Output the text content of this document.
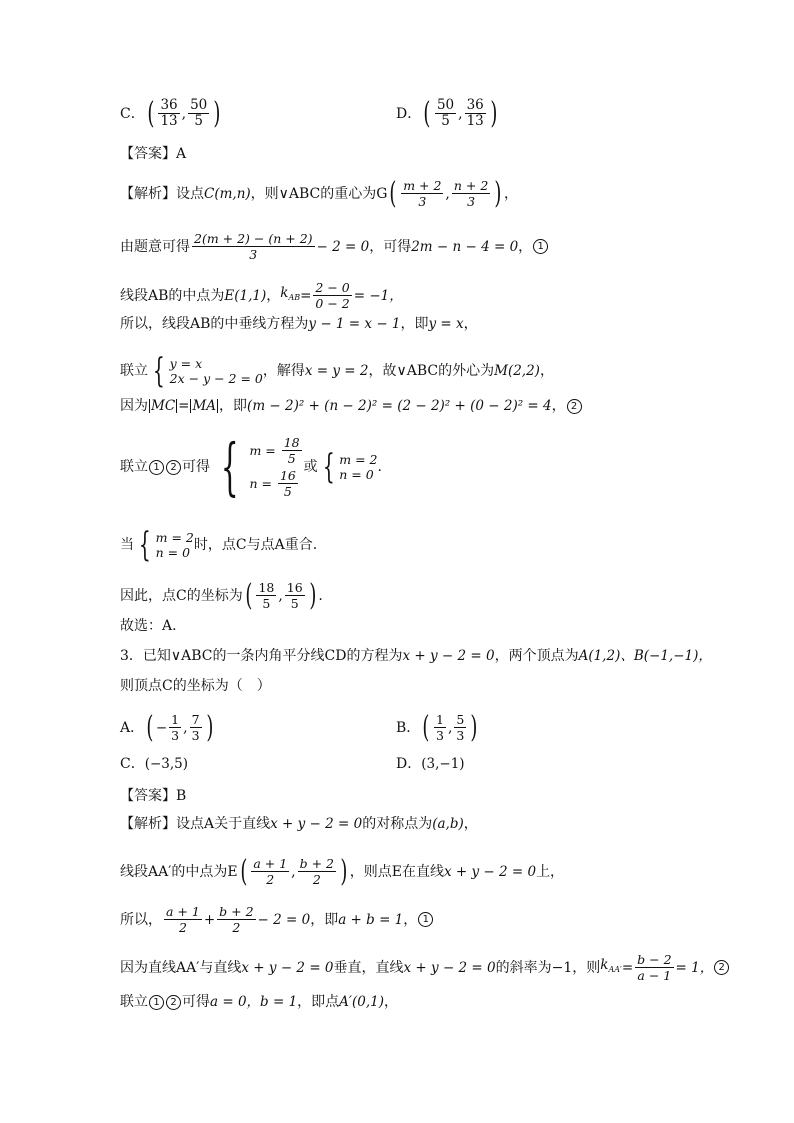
C． ( $\frac{36}{13}$ , $\frac{50}{5}$ )	D． ( $\frac{50}{5}$ , $\frac{36}{13}$ )
【答案】A
【解析】 设点 C(m,n) ，则∨ABC的重心为G ( $\frac{m + 2}{3}$ , $\frac{n + 2}{3}$ ) ，
由题意可得 $\frac{2(m + 2) - (n + 2)}{3} - 2 = 0$ ，可得 2m − n − 4 = 0 ， 1
线段AB的中点为 E(1,1) ， $k_{AB} = \frac{2 - 0}{0 - 2} = -1$，
所以，线段AB的中垂线方程为 y − 1 = x − 1 ，即 y = x ，
联立 { y = x
2x − y − 2 = 0 ，解得 x = y = 2 ，故∨ABC的外心为 M(2,2) ，
因为 MC = MA ，即 (m − 2)² + (n − 2)² = (2 − 2)² + (0 − 2)² = 4 ， 2
联立 1	2 可得 { $m = \frac{18}{5}$
$n = \frac{16}{5}$
或 { m = 2
n = 0 .
当 { m = 2
n = 0 时，点C与点A重合.
因此，点C的坐标为 ( $\frac{18}{5}$ , $\frac{16}{5}$ ) .
故选：A.
3．已知∨ABC的一条内角平分线CD的方程为 x + y − 2 = 0 ，两个顶点为 A(1,2)、B(−1,−1)，
则顶点C的坐标为（　）
A． ( − $\frac{1}{3}$ , $\frac{7}{3}$ )	B． ( $\frac{1}{3}$ , $\frac{5}{3}$ )
C． (−3,5)	D． (3,−1)
【答案】B
【解析】 设点A关于直线 x + y − 2 = 0 的对称点为 (a,b) ，
线段AA′的中点为E ( $\frac{a + 1}{2}$ , $\frac{b + 2}{2}$ ) ，则点E在直线 x + y − 2 = 0 上，
所以， $\frac{a + 1}{2} + \frac{b + 2}{2} - 2 = 0$ ，即 a + b = 1 ， 1
因为直线AA′与直线 x + y − 2 = 0 垂直，直线 x + y − 2 = 0 的斜率为−1，则 $k_{AA'} = \frac{b - 2}{a - 1} = 1$， 2
联立 1	2 可得 a = 0，b = 1 ，即点 A′(0,1) ，
